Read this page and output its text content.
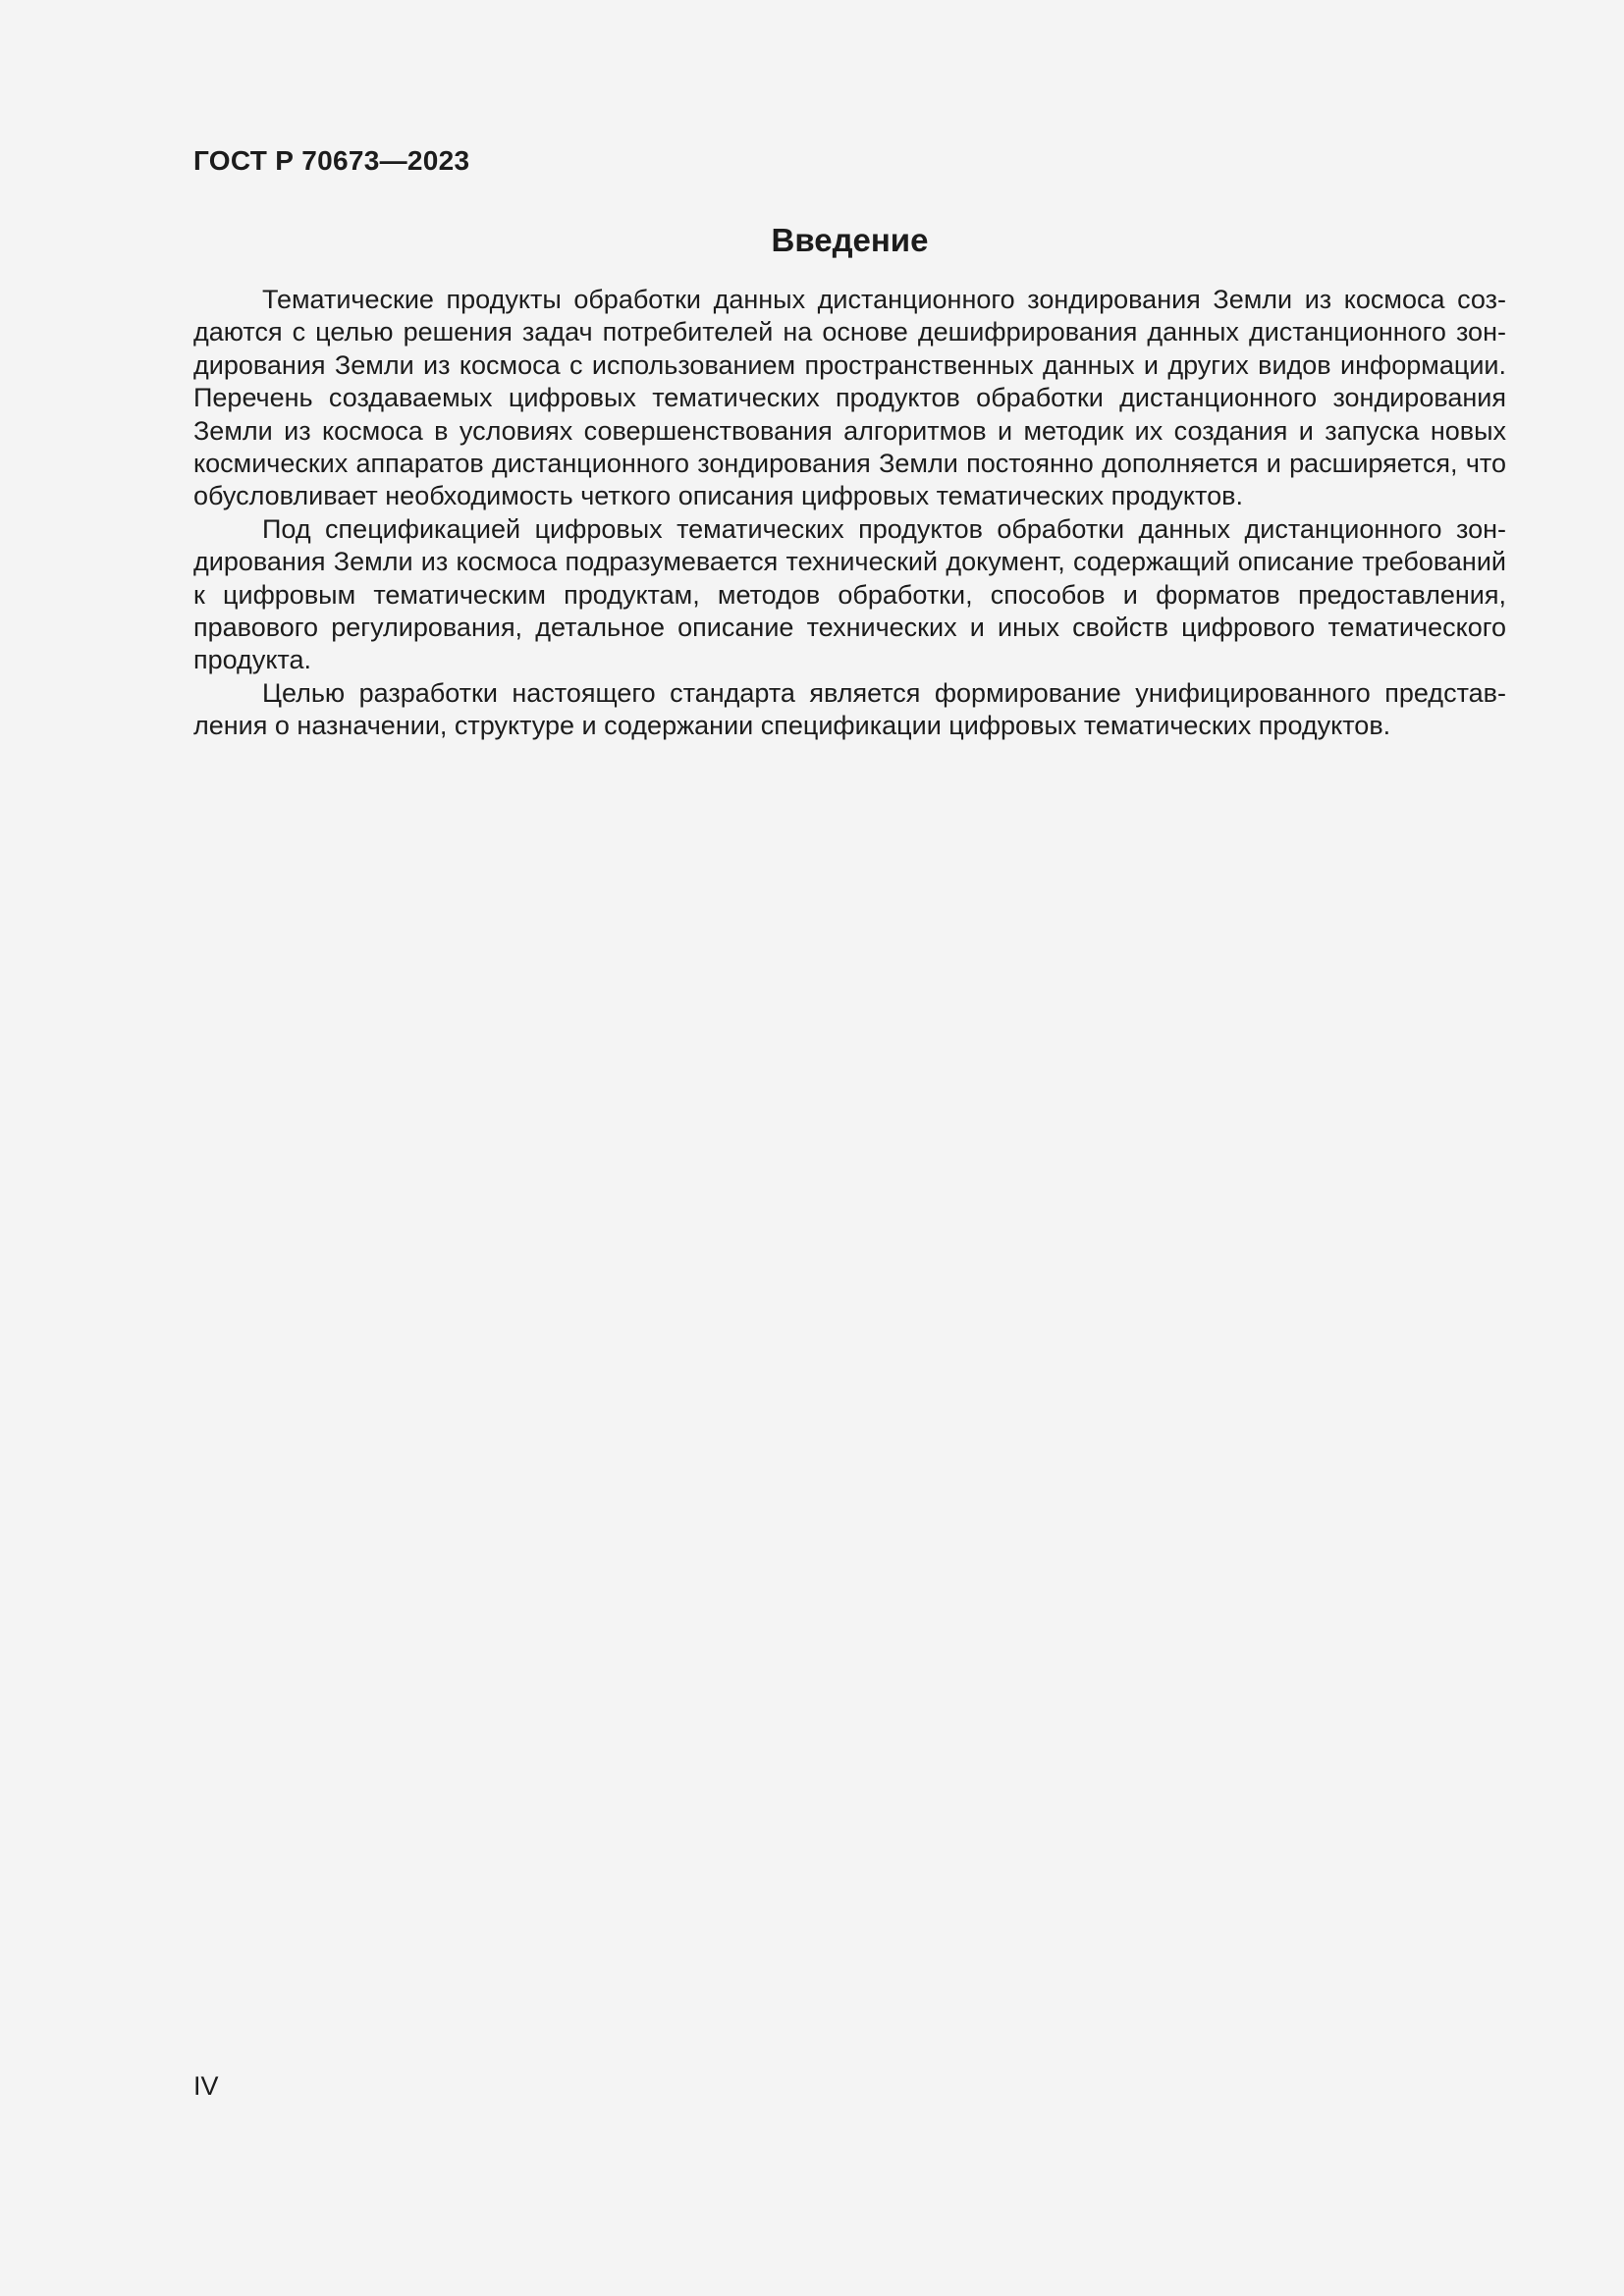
ГОСТ Р 70673—2023
Введение

Тематические продукты обработки данных дистанционного зондирования Земли из космоса создаются с целью решения задач потребителей на основе дешифрирования данных дистанционного зондирования Земли из космоса с использованием пространственных данных и других видов информации. Перечень создаваемых цифровых тематических продуктов обработки дистанционного зондирования Земли из космоса в условиях совершенствования алгоритмов и методик их создания и запуска новых космических аппаратов дистанционного зондирования Земли постоянно дополняется и расширяется, что обусловливает необходимость четкого описания цифровых тематических продуктов.

Под спецификацией цифровых тематических продуктов обработки данных дистанционного зондирования Земли из космоса подразумевается технический документ, содержащий описание требований к цифровым тематическим продуктам, методов обработки, способов и форматов предоставления, правового регулирования, детальное описание технических и иных свойств цифрового тематического продукта.

Целью разработки настоящего стандарта является формирование унифицированного представления о назначении, структуре и содержании спецификации цифровых тематических продуктов.

IV
